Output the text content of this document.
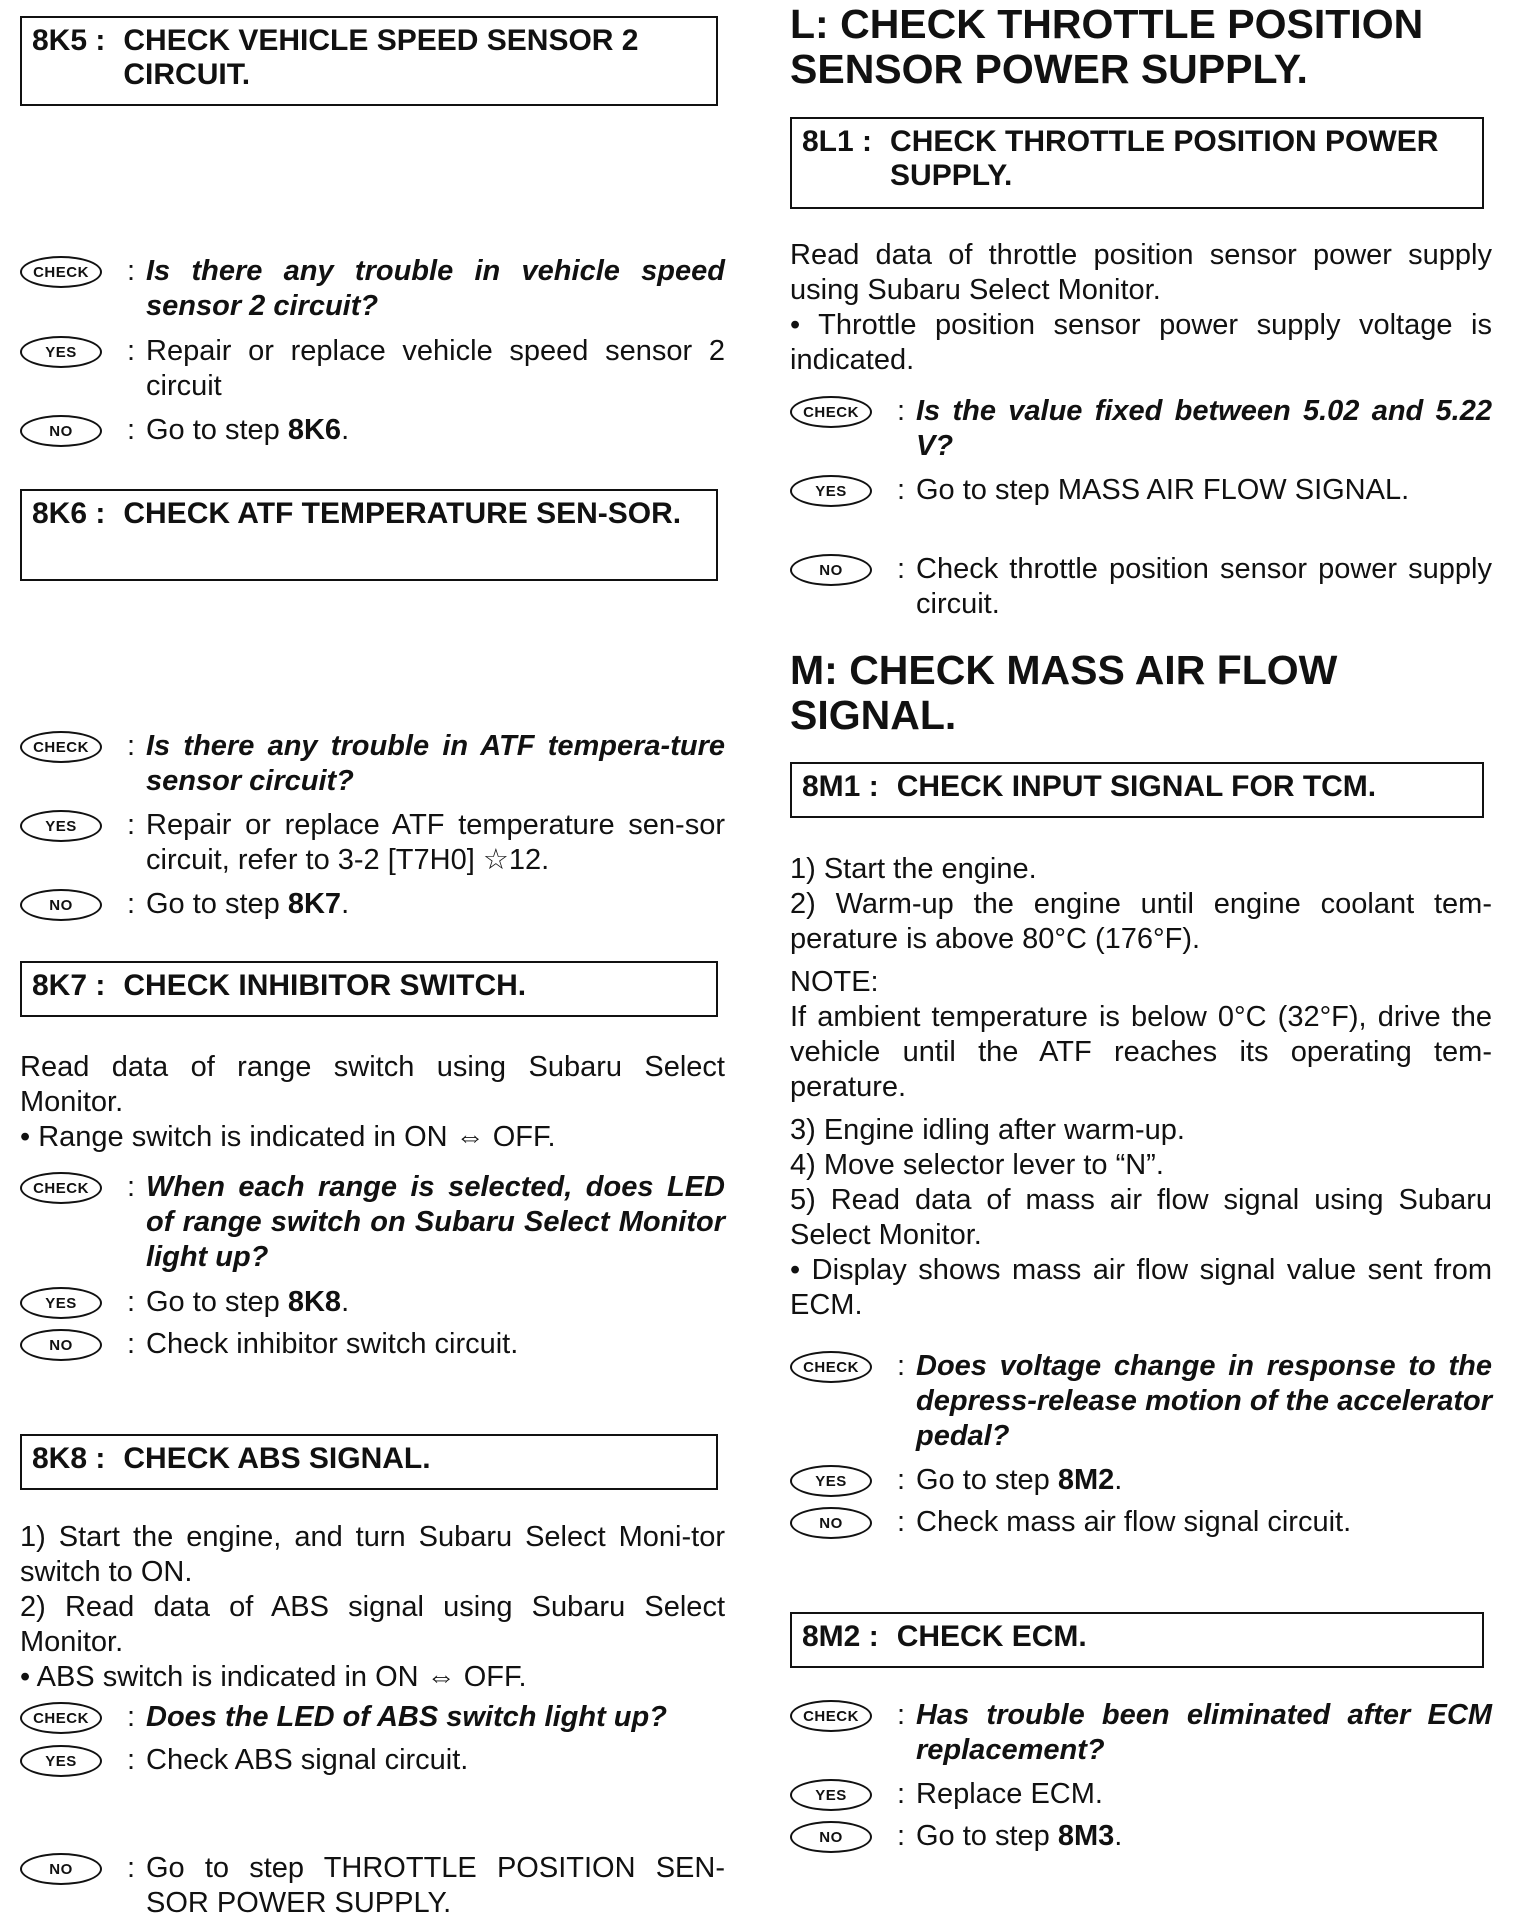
8K5 : CHECK VEHICLE SPEED SENSOR 2 CIRCUIT.
CHECK	: Is there any trouble in vehicle speed sensor 2 circuit?
YES	: Repair or replace vehicle speed sensor 2 circuit
NO	: Go to step 8K6.
8K6 : CHECK ATF TEMPERATURE SEN-SOR.
CHECK	: Is there any trouble in ATF tempera-ture sensor circuit?
YES	: Repair or replace ATF temperature sen-sor circuit, refer to 3-2 [T7H0] ☆12.
NO	: Go to step 8K7.
8K7 : CHECK INHIBITOR SWITCH.
Read data of range switch using Subaru Select Monitor.
• Range switch is indicated in ON ⇔ OFF.
CHECK	: When each range is selected, does LED of range switch on Subaru Select Monitor light up?
YES	: Go to step 8K8.
NO	: Check inhibitor switch circuit.
8K8 : CHECK ABS SIGNAL.
1) Start the engine, and turn Subaru Select Moni-tor switch to ON.
2) Read data of ABS signal using Subaru Select Monitor.
• ABS switch is indicated in ON ⇔ OFF.
CHECK	: Does the LED of ABS switch light up?
YES	: Check ABS signal circuit.
NO	: Go to step THROTTLE POSITION SEN-SOR POWER SUPPLY.
L: CHECK THROTTLE POSITION SENSOR POWER SUPPLY.
8L1 : CHECK THROTTLE POSITION POWER SUPPLY.
Read data of throttle position sensor power supply using Subaru Select Monitor.
• Throttle position sensor power supply voltage is indicated.
CHECK	: Is the value fixed between 5.02 and 5.22 V?
YES	: Go to step MASS AIR FLOW SIGNAL.
NO	: Check throttle position sensor power supply circuit.
M: CHECK MASS AIR FLOW SIGNAL.
8M1 : CHECK INPUT SIGNAL FOR TCM.
1) Start the engine.
2) Warm-up the engine until engine coolant tem-perature is above 80°C (176°F).
NOTE:
If ambient temperature is below 0°C (32°F), drive the vehicle until the ATF reaches its operating tem-perature.
3) Engine idling after warm-up.
4) Move selector lever to “N”.
5) Read data of mass air flow signal using Subaru Select Monitor.
• Display shows mass air flow signal value sent from ECM.
CHECK	: Does voltage change in response to the depress-release motion of the accelerator pedal?
YES	: Go to step 8M2.
NO	: Check mass air flow signal circuit.
8M2 : CHECK ECM.
CHECK	: Has trouble been eliminated after ECM replacement?
YES	: Replace ECM.
NO	: Go to step 8M3.
